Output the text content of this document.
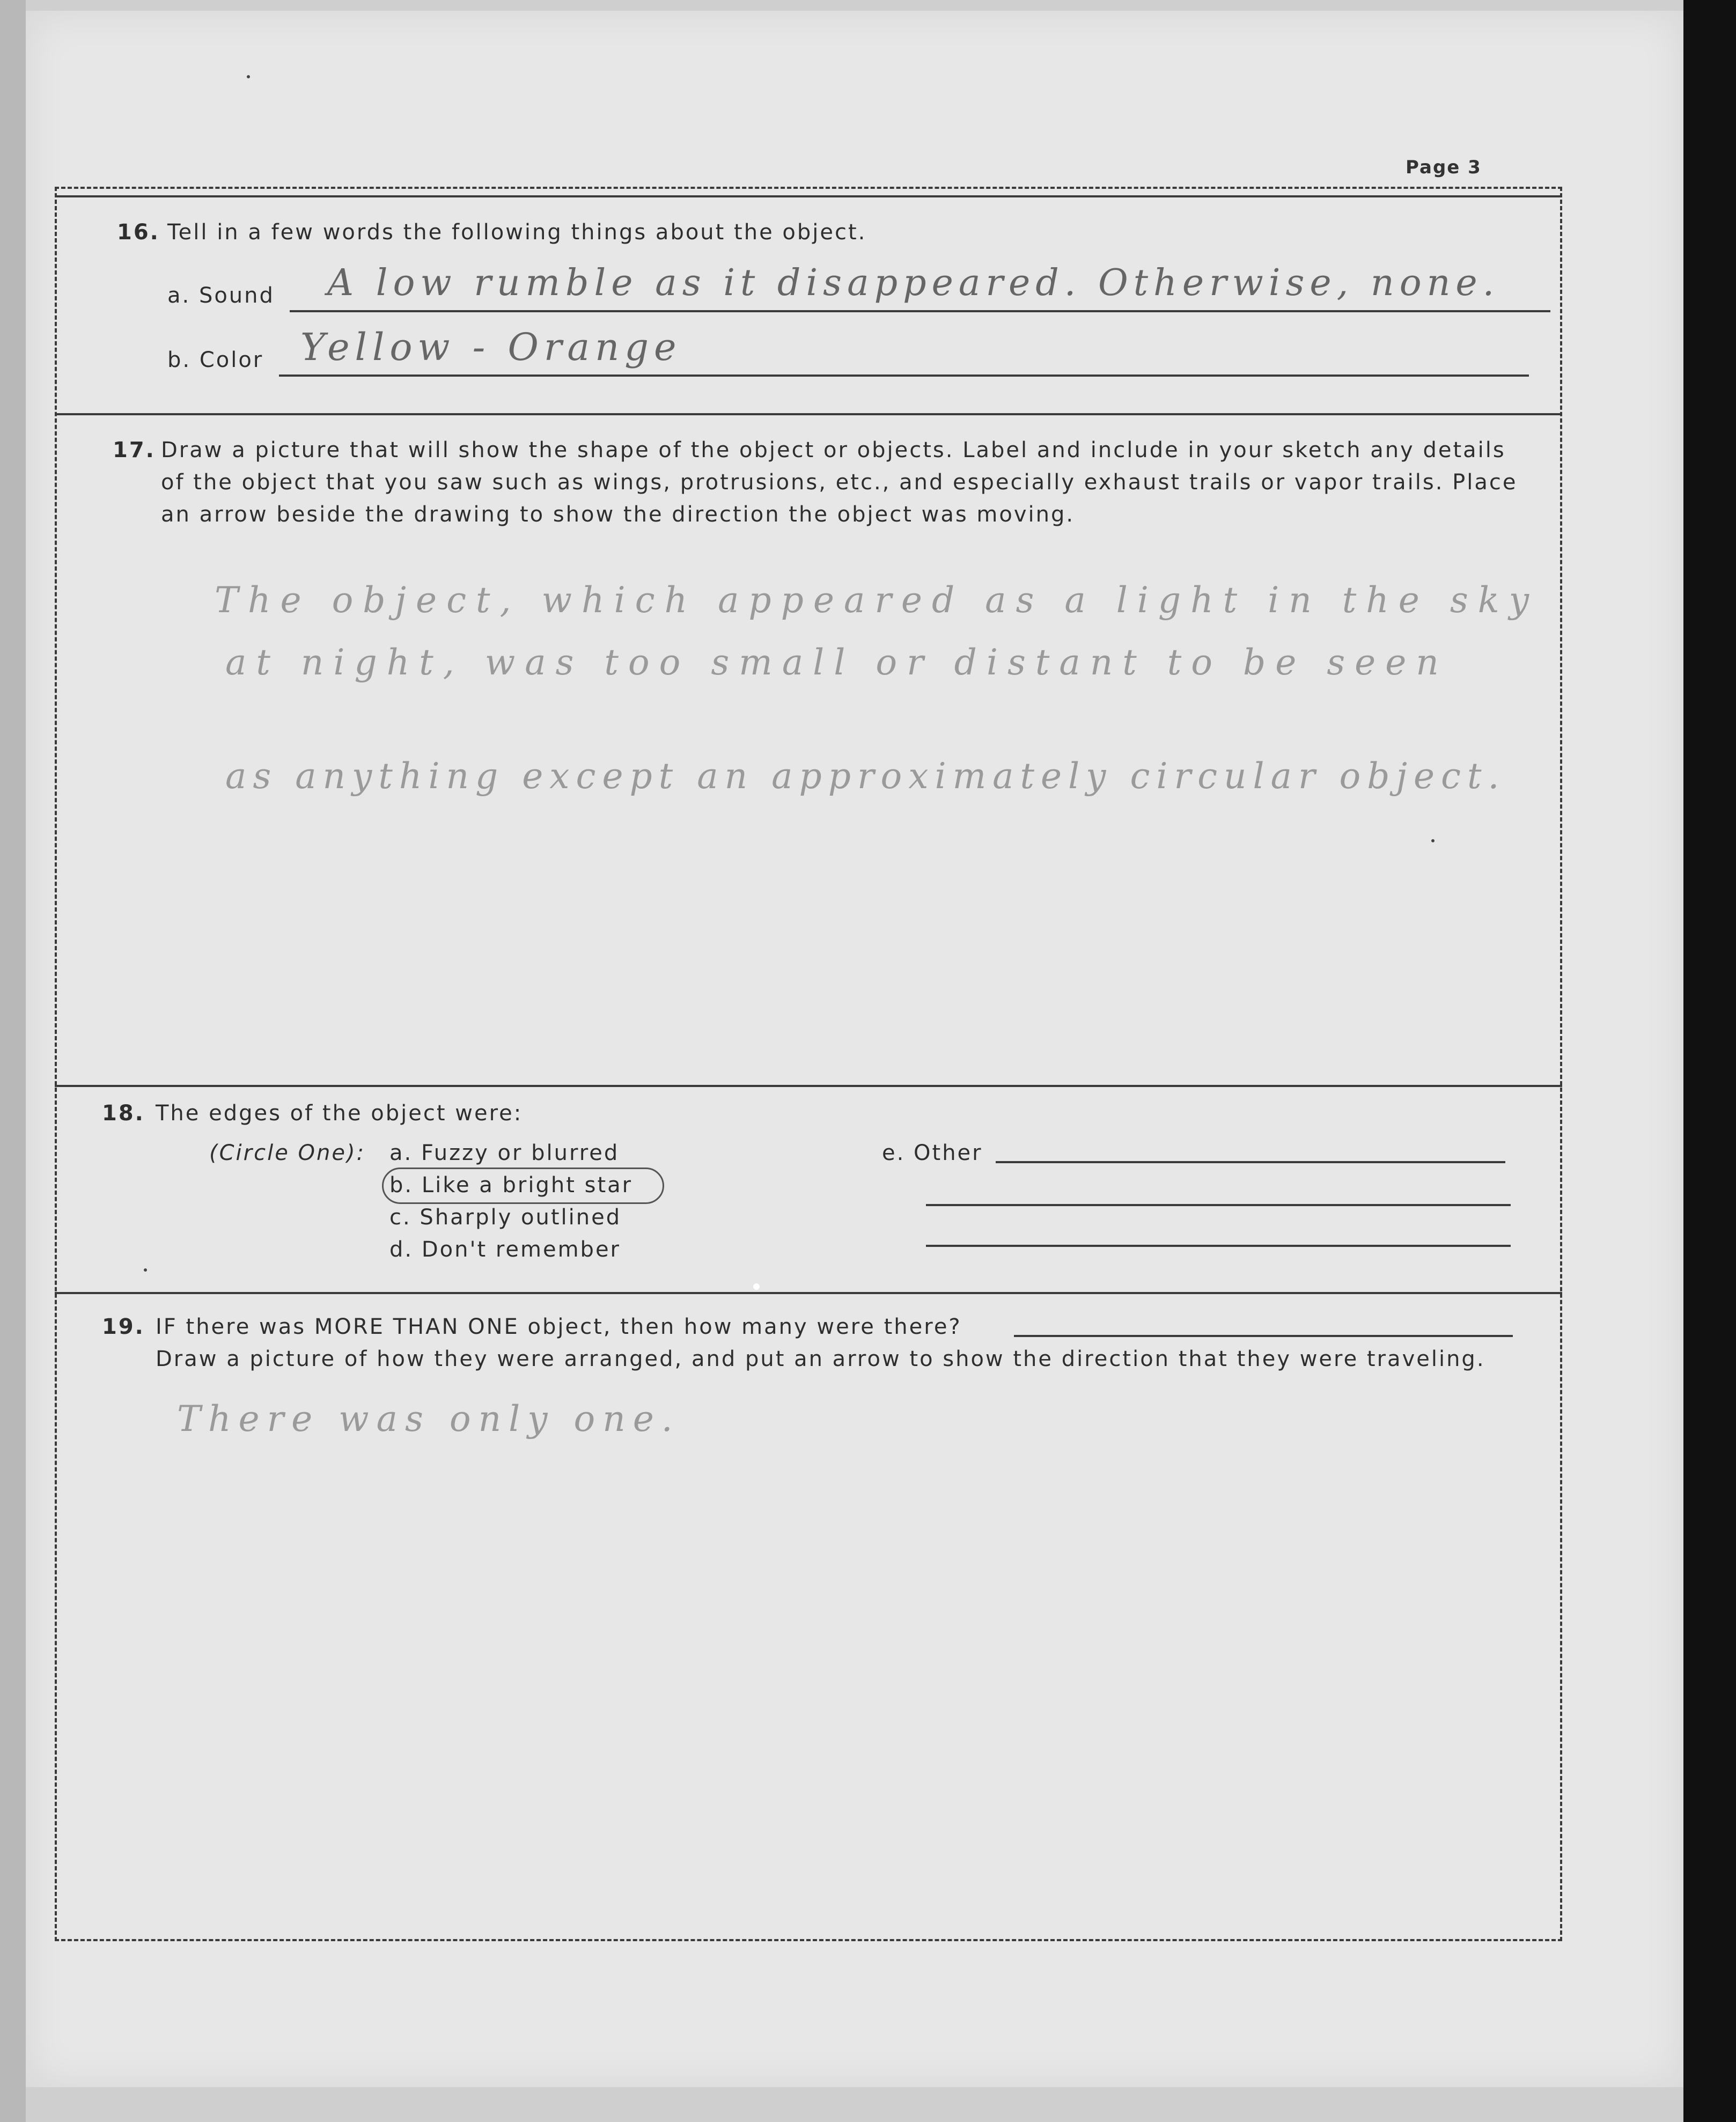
Page 3
16. Tell in a few words the following things about the object.
a. Sound A low rumble as it disappeared. Otherwise, none.
b. Color Yellow - Orange
17. Draw a picture that will show the shape of the object or objects. Label and include in your sketch any details
of the object that you saw such as wings, protrusions, etc., and especially exhaust trails or vapor trails. Place
an arrow beside the drawing to show the direction the object was moving.
The object, which appeared as a light in the sky
at night, was too small or distant to be seen
as anything except an approximately circular object.
18. The edges of the object were:
(Circle One): a. Fuzzy or blurred
b. Like a bright star
c. Sharply outlined
d. Don't remember
e. Other
19. IF there was MORE THAN ONE object, then how many were there?
Draw a picture of how they were arranged, and put an arrow to show the direction that they were traveling.
There was only one.
